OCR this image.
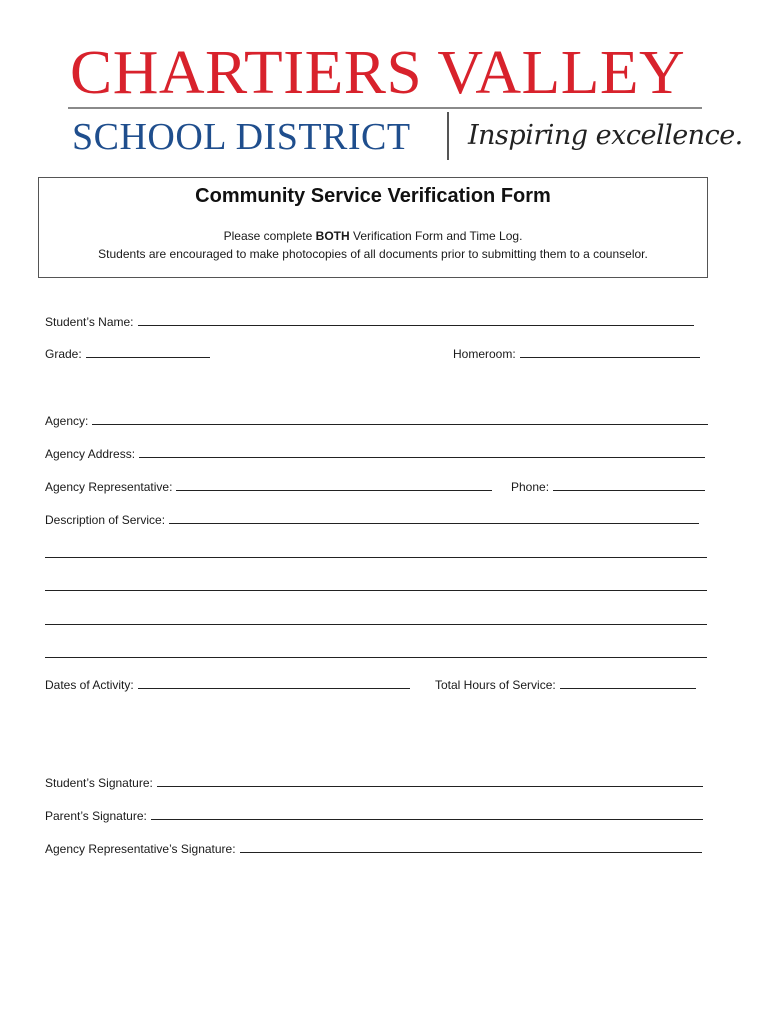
CHARTIERS VALLEY
SCHOOL DISTRICT Inspiring excellence.
Community Service Verification Form
Please complete BOTH Verification Form and Time Log.
Students are encouraged to make photocopies of all documents prior to submitting them to a counselor.
Student’s Name:
Grade:	Homeroom:
Agency:
Agency Address:
Agency Representative:	Phone:
Description of Service:
Dates of Activity:	Total Hours of Service:
Student’s Signature:
Parent’s Signature:
Agency Representative’s Signature:
